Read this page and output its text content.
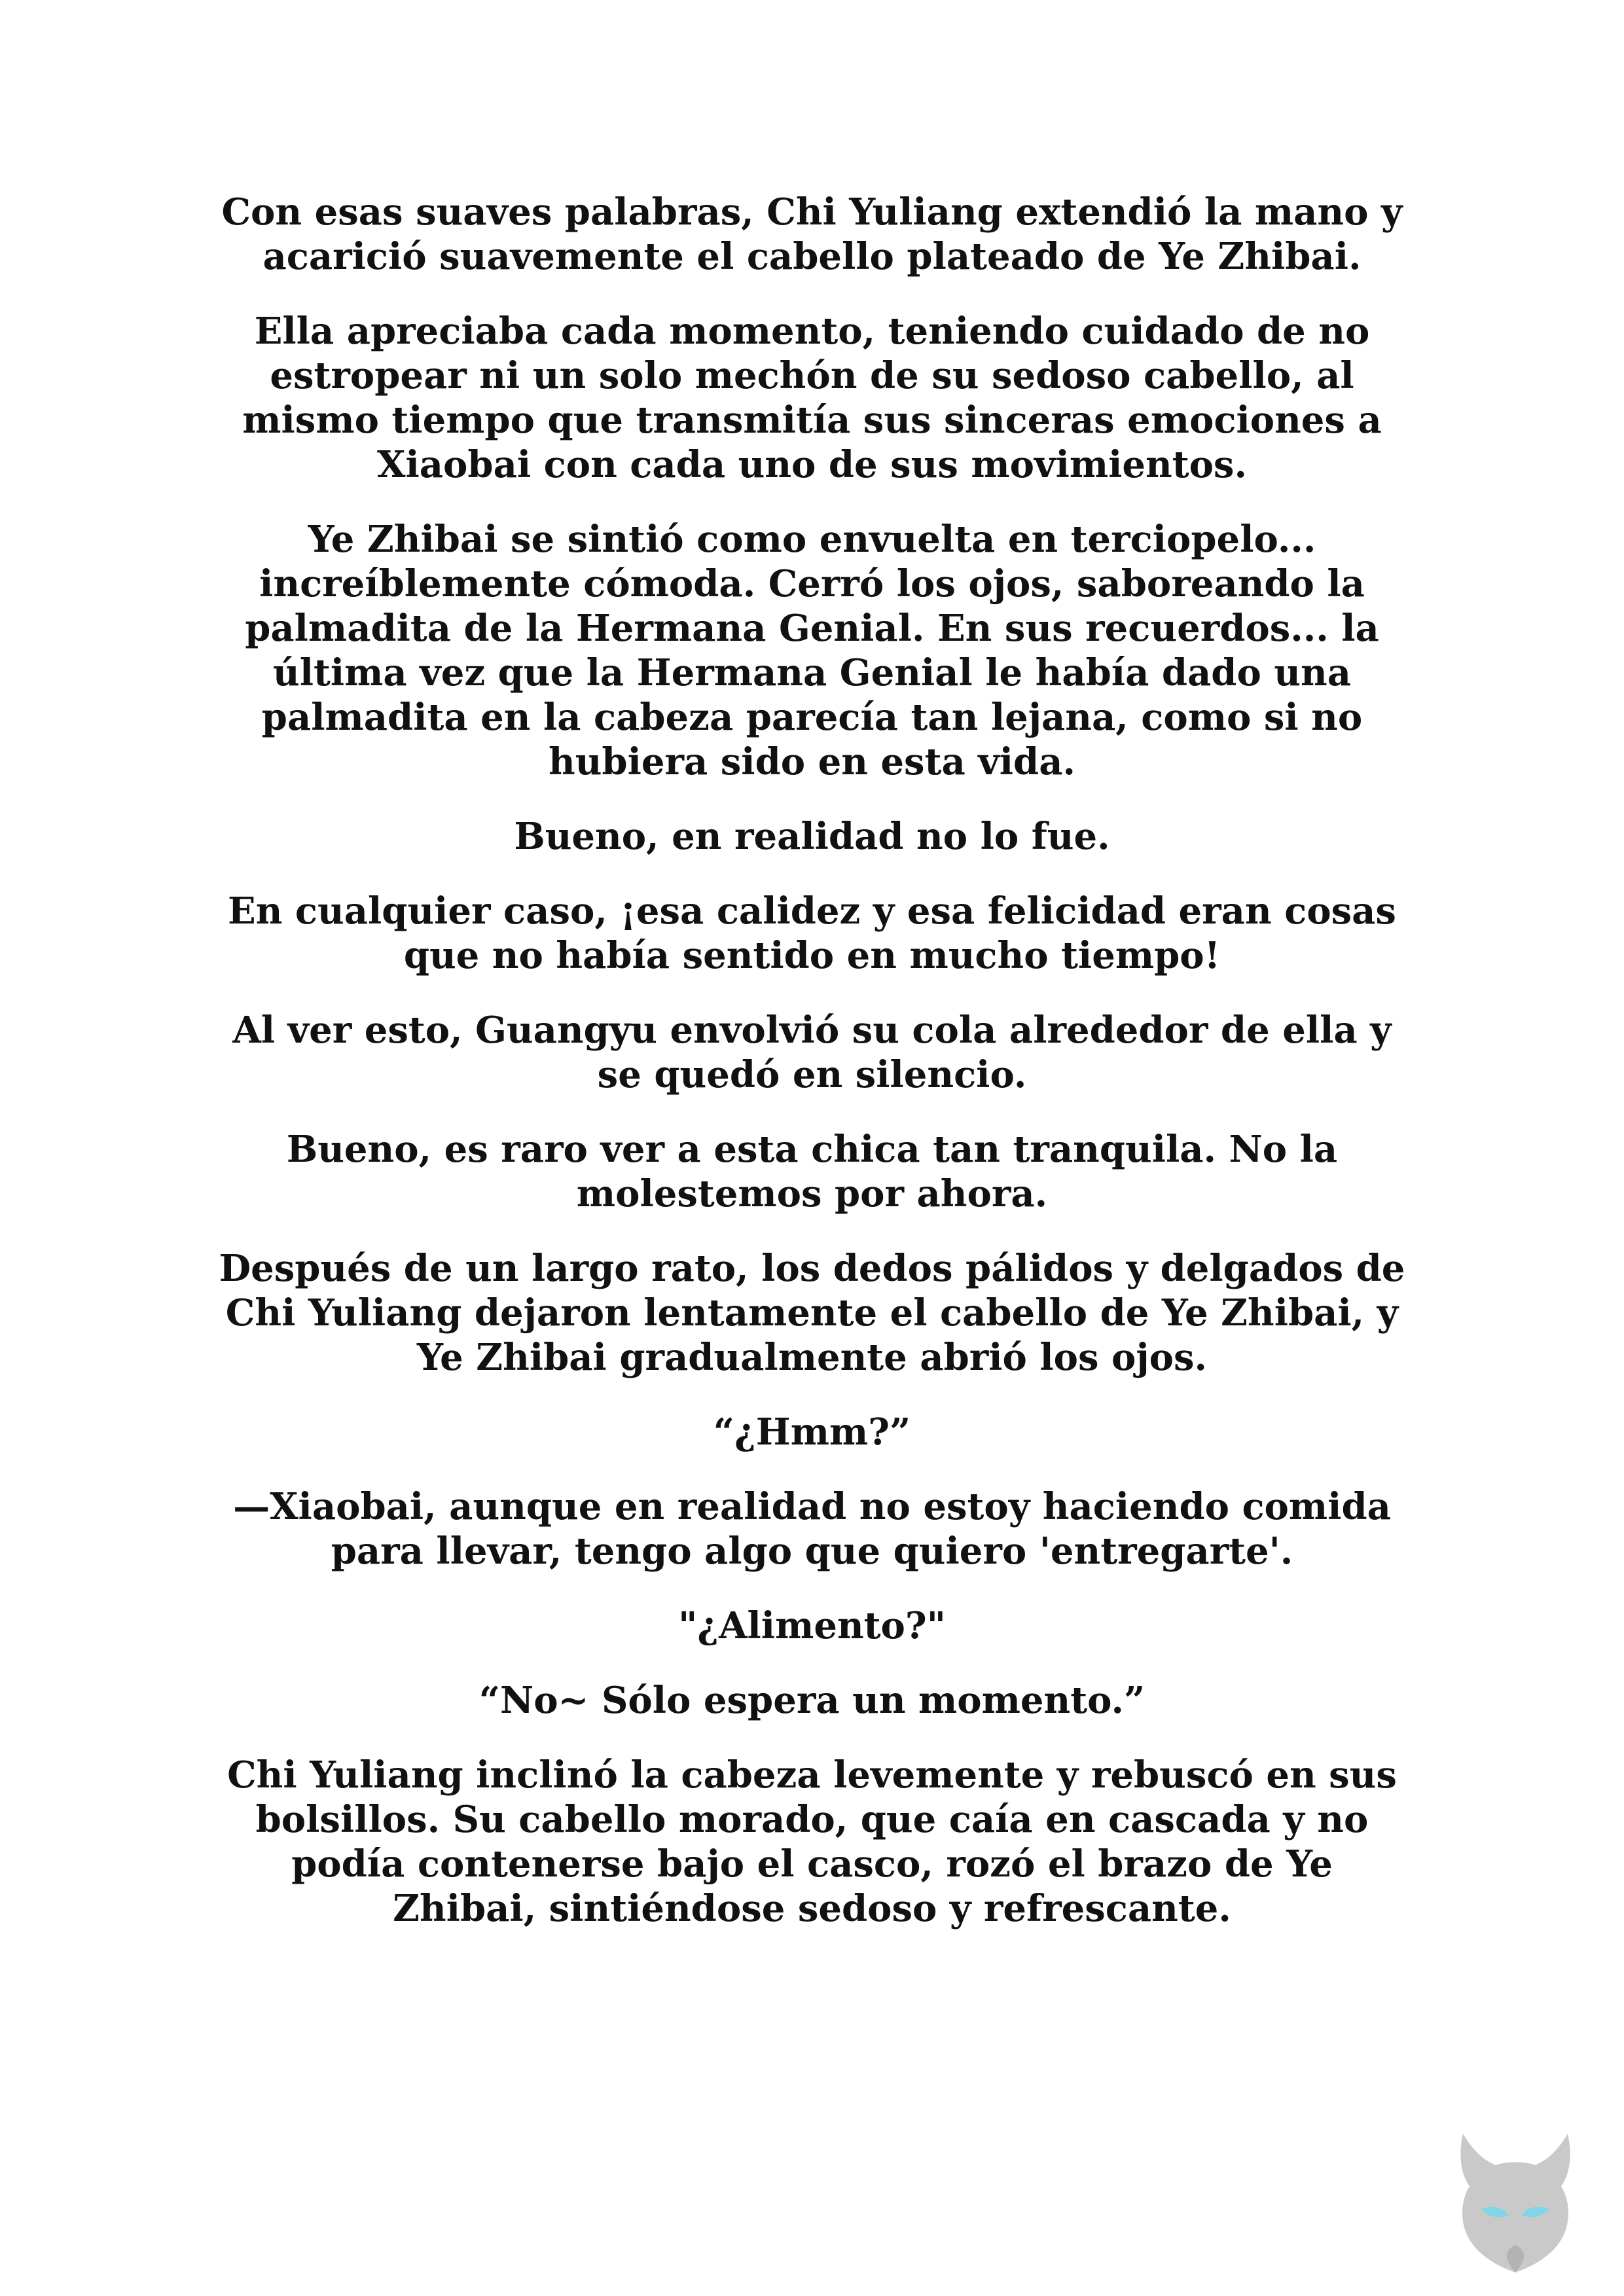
Con esas suaves palabras, Chi Yuliang extendió la mano y acarició suavemente el cabello plateado de Ye Zhibai.

Ella apreciaba cada momento, teniendo cuidado de no estropear ni un solo mechón de su sedoso cabello, al mismo tiempo que transmitía sus sinceras emociones a Xiaobai con cada uno de sus movimientos.

Ye Zhibai se sintió como envuelta en terciopelo... increíblemente cómoda. Cerró los ojos, saboreando la palmadita de la Hermana Genial. En sus recuerdos... la última vez que la Hermana Genial le había dado una palmadita en la cabeza parecía tan lejana, como si no hubiera sido en esta vida.

Bueno, en realidad no lo fue.

En cualquier caso, ¡esa calidez y esa felicidad eran cosas que no había sentido en mucho tiempo!

Al ver esto, Guangyu envolvió su cola alrededor de ella y se quedó en silencio.

Bueno, es raro ver a esta chica tan tranquila. No la molestemos por ahora.

Después de un largo rato, los dedos pálidos y delgados de Chi Yuliang dejaron lentamente el cabello de Ye Zhibai, y Ye Zhibai gradualmente abrió los ojos.

“¿Hmm?”

—Xiaobai, aunque en realidad no estoy haciendo comida para llevar, tengo algo que quiero 'entregarte'.

"¿Alimento?"

“No~ Sólo espera un momento.”

Chi Yuliang inclinó la cabeza levemente y rebuscó en sus bolsillos. Su cabello morado, que caía en cascada y no podía contenerse bajo el casco, rozó el brazo de Ye Zhibai, sintiéndose sedoso y refrescante.
